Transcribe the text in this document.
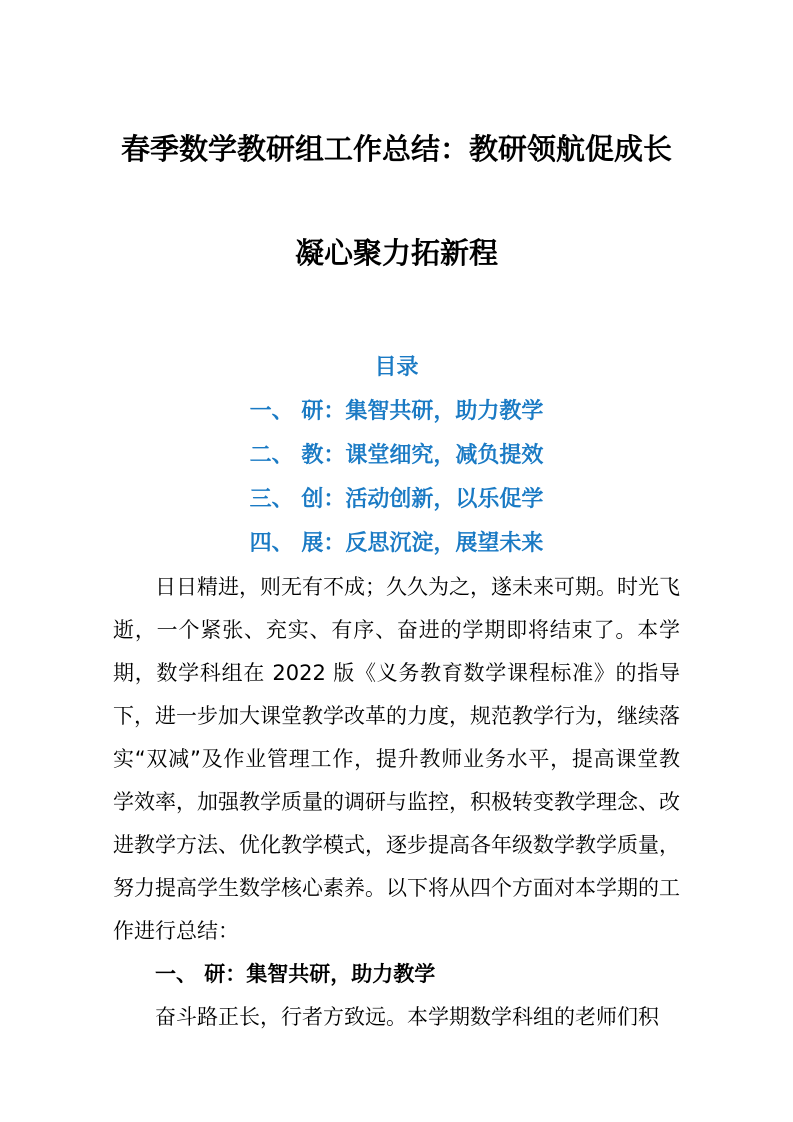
春季数学教研组工作总结：教研领航促成长
凝心聚力拓新程

目录

一、 研：集智共研，助力教学

二、 教：课堂细究，减负提效

三、 创：活动创新，以乐促学

四、 展：反思沉淀，展望未来

日日精进，则无有不成；久久为之，遂未来可期。时光飞逝，一个紧张、充实、有序、奋进的学期即将结束了。本学期，数学科组在 2022 版《义务教育数学课程标准》的指导下，进一步加大课堂教学改革的力度，规范教学行为，继续落实“双减”及作业管理工作，提升教师业务水平，提高课堂教学效率，加强教学质量的调研与监控，积极转变教学理念、改进教学方法、优化教学模式，逐步提高各年级数学教学质量，努力提高学生数学核心素养。以下将从四个方面对本学期的工作进行总结：

一、 研：集智共研，助力教学

奋斗路正长，行者方致远。本学期数学科组的老师们积
